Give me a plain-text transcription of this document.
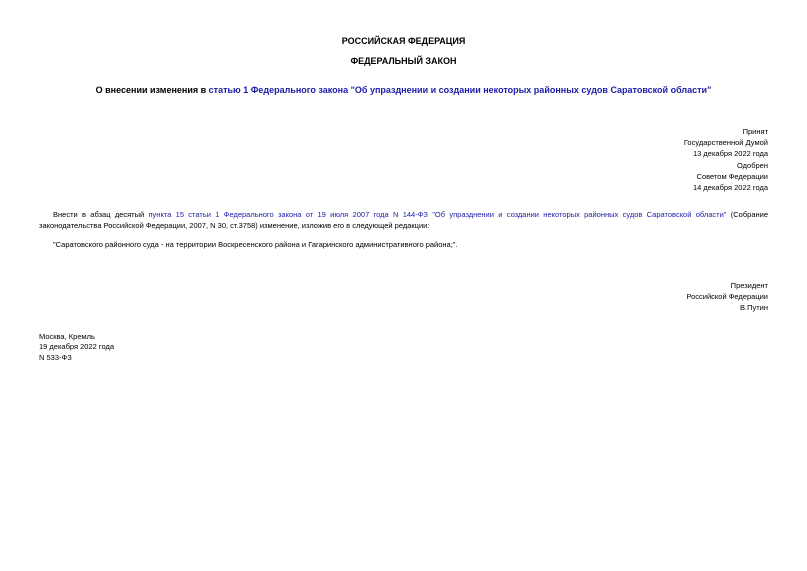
РОССИЙСКАЯ ФЕДЕРАЦИЯ
ФЕДЕРАЛЬНЫЙ ЗАКОН
О внесении изменения в статью 1 Федерального закона "Об упразднении и создании некоторых районных судов Саратовской области"
Принят
Государственной Думой
13 декабря 2022 года
Одобрен
Советом Федерации
14 декабря 2022 года
Внести в абзац десятый пункта 15 статьи 1 Федерального закона от 19 июля 2007 года N 144-ФЗ "Об упразднении и создании некоторых районных судов Саратовской области" (Собрание законодательства Российской Федерации, 2007, N 30, ст.3758) изменение, изложив его в следующей редакции:
"Саратовского районного суда - на территории Воскресенского района и Гагаринского административного района;".
Президент
Российской Федерации
В.Путин
Москва, Кремль
19 декабря 2022 года
N 533-ФЗ
